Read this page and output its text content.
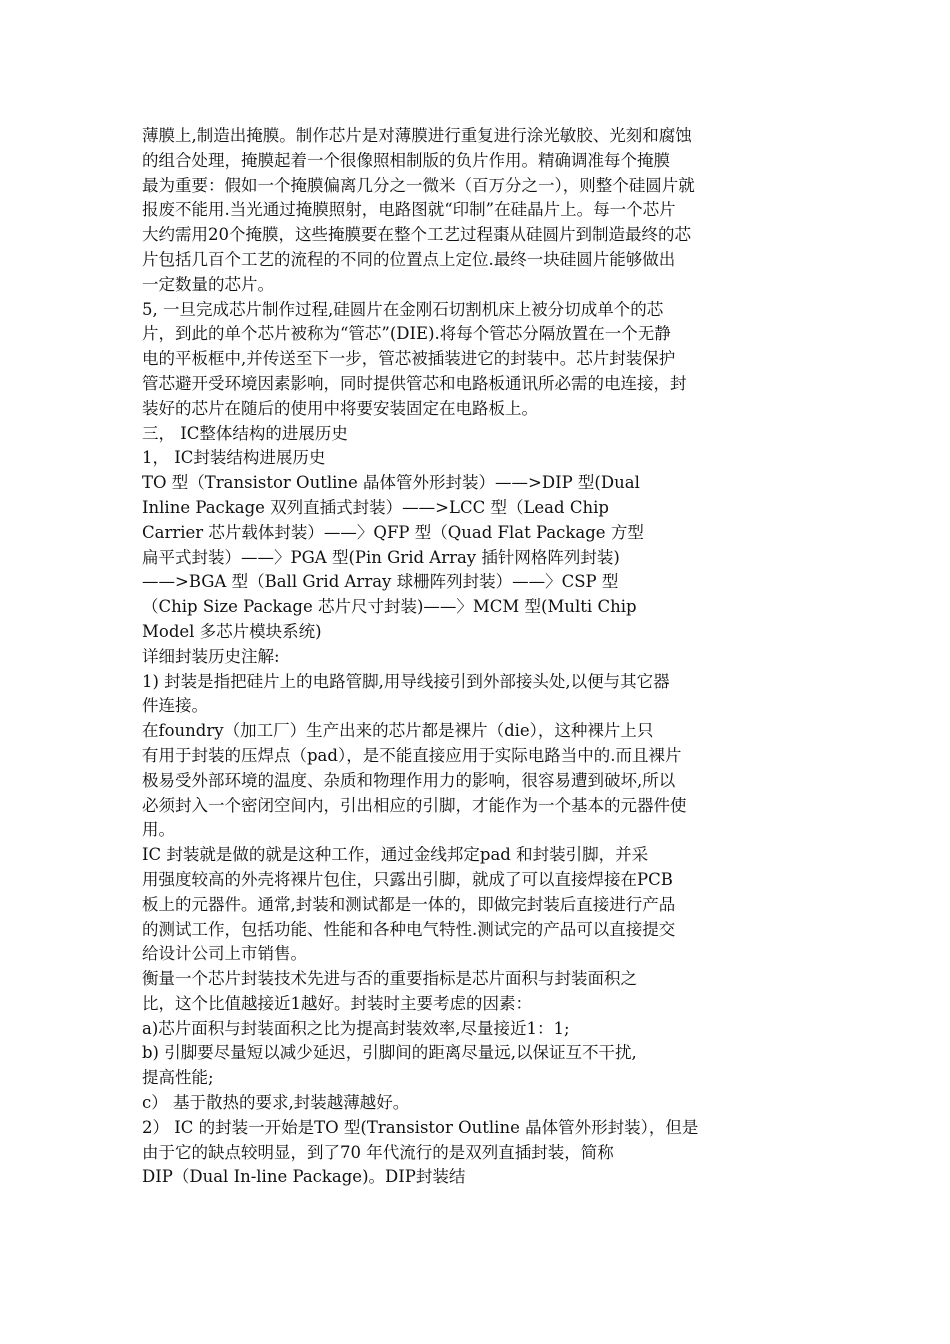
薄膜上,制造出掩膜。制作芯片是对薄膜进行重复进行涂光敏胶、光刻和腐蚀
的组合处理，掩膜起着一个很像照相制版的负片作用。精确调准每个掩膜
最为重要：假如一个掩膜偏离几分之一微米（百万分之一），则整个硅圆片就
报废不能用.当光通过掩膜照射，电路图就“印制”在硅晶片上。每一个芯片
大约需用20个掩膜，这些掩膜要在整个工艺过程棗从硅圆片到制造最终的芯
片包括几百个工艺的流程的不同的位置点上定位.最终一块硅圆片能够做出
一定数量的芯片。
5, 一旦完成芯片制作过程,硅圆片在金刚石切割机床上被分切成单个的芯
片，到此的单个芯片被称为“管芯”(DIE).将每个管芯分隔放置在一个无静
电的平板框中,并传送至下一步，管芯被插装进它的封装中。芯片封装保护
管芯避开受环境因素影响，同时提供管芯和电路板通讯所必需的电连接，封
装好的芯片在随后的使用中将要安装固定在电路板上。
三， IC整体结构的进展历史
1， IC封装结构进展历史
TO 型（Transistor Outline 晶体管外形封装）——>DIP 型(Dual
Inline Package 双列直插式封装）——>LCC 型（Lead Chip
Carrier 芯片载体封装）——〉QFP 型（Quad Flat Package 方型
扁平式封装）——〉PGA 型(Pin Grid Array 插针网格阵列封装)
——>BGA 型（Ball Grid Array 球栅阵列封装）——〉CSP 型
（Chip Size Package 芯片尺寸封装)——〉MCM 型(Multi Chip
Model 多芯片模块系统)
详细封装历史注解:
1) 封装是指把硅片上的电路管脚,用导线接引到外部接头处,以便与其它器
件连接。
在foundry（加工厂）生产出来的芯片都是裸片（die），这种裸片上只
有用于封装的压焊点（pad），是不能直接应用于实际电路当中的.而且裸片
极易受外部环境的温度、杂质和物理作用力的影响，很容易遭到破坏,所以
必须封入一个密闭空间内，引出相应的引脚，才能作为一个基本的元器件使
用。
IC 封装就是做的就是这种工作，通过金线邦定pad 和封装引脚，并采
用强度较高的外壳将裸片包住，只露出引脚，就成了可以直接焊接在PCB
板上的元器件。通常,封装和测试都是一体的，即做完封装后直接进行产品
的测试工作，包括功能、性能和各种电气特性.测试完的产品可以直接提交
给设计公司上市销售。
衡量一个芯片封装技术先进与否的重要指标是芯片面积与封装面积之
比，这个比值越接近1越好。封装时主要考虑的因素：
a)芯片面积与封装面积之比为提高封装效率,尽量接近1：1;
b) 引脚要尽量短以减少延迟，引脚间的距离尽量远,以保证互不干扰,
提高性能;
c） 基于散热的要求,封装越薄越好。
2） IC 的封装一开始是TO 型(Transistor Outline 晶体管外形封装），但是
由于它的缺点较明显，到了70 年代流行的是双列直插封装，简称
DIP（Dual In-line Package)。DIP封装结
